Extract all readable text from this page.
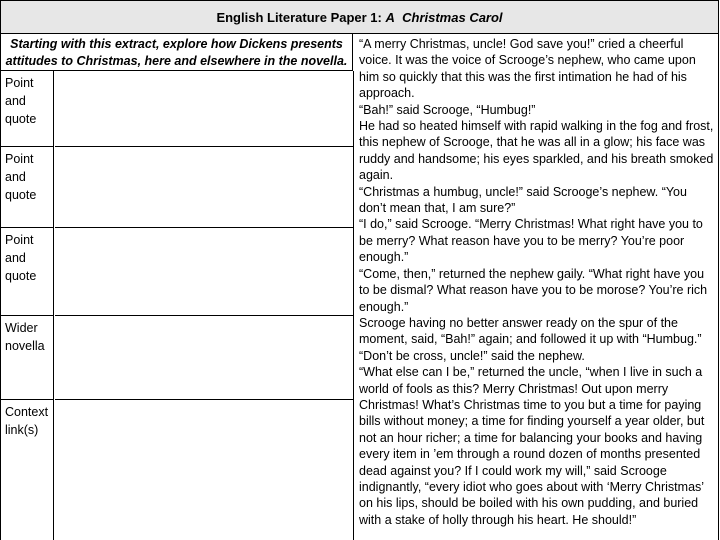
English Literature Paper 1:
A
Christmas Carol
Starting with this extract, explore how Dickens presents attitudes to Christmas, here and elsewhere in the novella.
Point and quote
Point and quote
Point and quote
Wider novella
Context link(s)

“A merry Christmas, uncle! God save you!” cried a cheerful voice. It was the voice of Scrooge’s nephew, who came upon him so quickly that this was the first intimation he had of his approach.

“Bah!” said Scrooge, “Humbug!”

He had so heated himself with rapid walking in the fog and frost, this nephew of Scrooge, that he was all in a glow; his face was ruddy and handsome; his eyes sparkled, and his breath smoked again.

“Christmas a humbug, uncle!” said Scrooge’s nephew. “You don’t mean that, I am sure?”

“I do,” said Scrooge. “Merry Christmas! What right have you to be merry? What reason have you to be merry? You’re poor enough.”

“Come, then,” returned the nephew gaily. “What right have you to be dismal? What reason have you to be morose? You’re rich enough.”

Scrooge having no better answer ready on the spur of the moment, said, “Bah!” again; and followed it up with “Humbug.”

“Don’t be cross, uncle!” said the nephew.

“What else can I be,” returned the uncle, “when I live in such a world of fools as this? Merry Christmas! Out upon merry Christmas! What’s Christmas time to you but a time for paying bills without money; a time for finding yourself a year older, but not an hour richer; a time for balancing your books and having every item in ’em through a round dozen of months presented dead against you? If I could work my will,” said Scrooge indignantly, “every idiot who goes about with ‘Merry Christmas’ on his lips, should be boiled with his own pudding, and buried with a stake of holly through his heart. He should!”
